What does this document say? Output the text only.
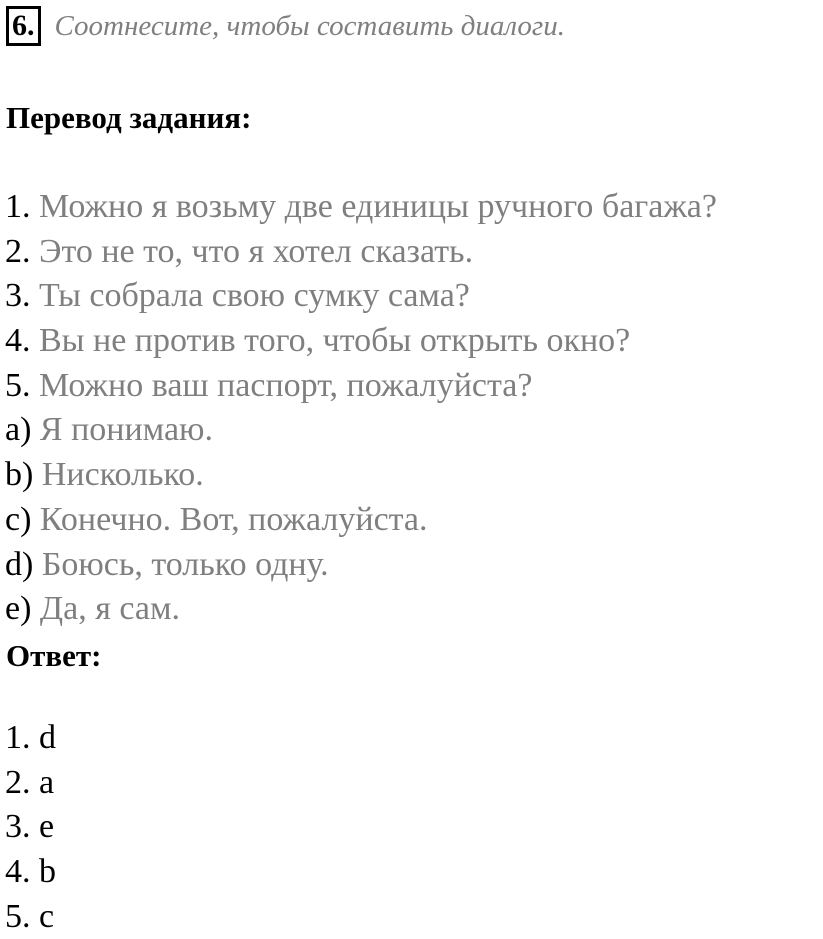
6. Соотнесите, чтобы составить диалоги.
Перевод задания:
1. Можно я возьму две единицы ручного багажа?
2. Это не то, что я хотел сказать.
3. Ты собрала свою сумку сама?
4. Вы не против того, чтобы открыть окно?
5. Можно ваш паспорт, пожалуйста?
a) Я понимаю.
b) Нисколько.
c) Конечно. Вот, пожалуйста.
d) Боюсь, только одну.
e) Да, я сам.
Ответ:
1. d
2. a
3. e
4. b
5. c
